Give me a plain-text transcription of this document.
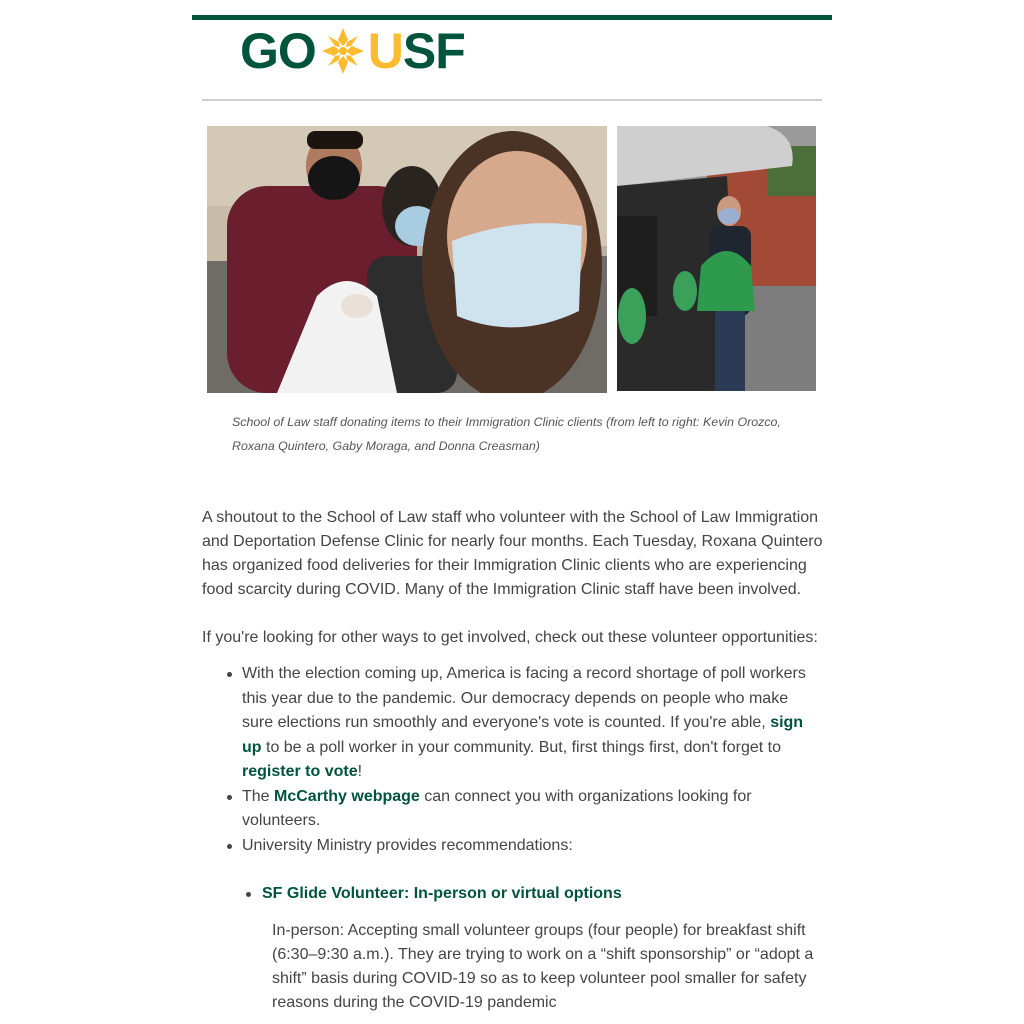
GO U SF
School of Law staff donating items to their Immigration Clinic clients (from left to right: Kevin Orozco, Roxana Quintero, Gaby Moraga, and Donna Creasman)
A shoutout to the School of Law staff who volunteer with the School of Law Immigration and Deportation Defense Clinic for nearly four months. Each Tuesday, Roxana Quintero has organized food deliveries for their Immigration Clinic clients who are experiencing food scarcity during COVID. Many of the Immigration Clinic staff have been involved.
If you're looking for other ways to get involved, check out these volunteer opportunities:
With the election coming up, America is facing a record shortage of poll workers this year due to the pandemic. Our democracy depends on people who make sure elections run smoothly and everyone's vote is counted. If you're able, sign up to be a poll worker in your community. But, first things first, don't forget to register to vote!
The McCarthy webpage can connect you with organizations looking for volunteers.
University Ministry provides recommendations:
SF Glide Volunteer: In-person or virtual options
In-person: Accepting small volunteer groups (four people) for breakfast shift (6:30–9:30 a.m.). They are trying to work on a “shift sponsorship” or “adopt a shift” basis during COVID-19 so as to keep volunteer pool smaller for safety reasons during the COVID-19 pandemic
